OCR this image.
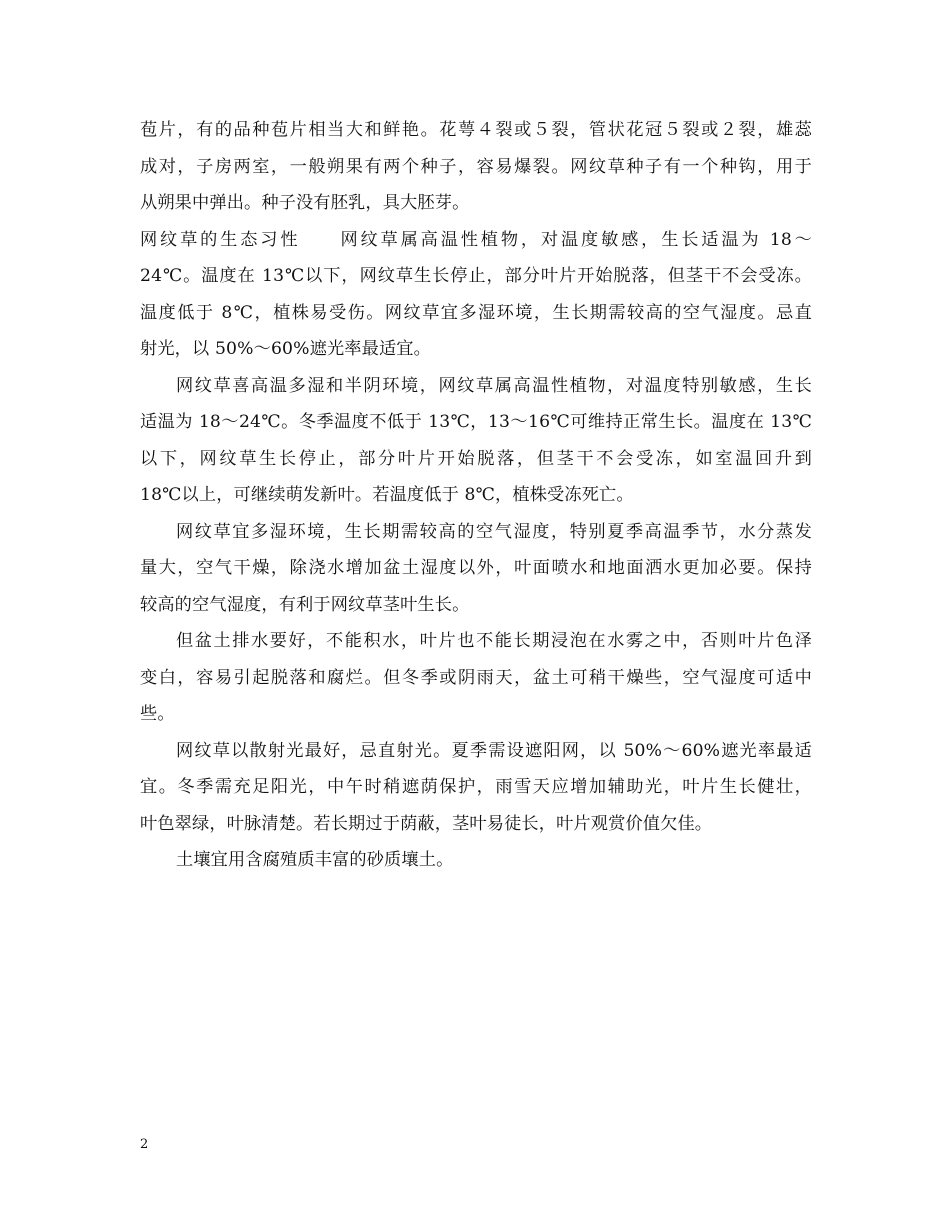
苞片，有的品种苞片相当大和鲜艳。花萼４裂或５裂，管状花冠５裂或２裂，雄蕊
成对，子房两室，一般朔果有两个种子，容易爆裂。网纹草种子有一个种钩，用于
从朔果中弹出。种子没有胚乳，具大胚芽。
网纹草的生态习性　　网纹草属高温性植物，对温度敏感，生长适温为 18～
24℃。温度在 13℃以下，网纹草生长停止，部分叶片开始脱落，但茎干不会受冻。
温度低于 8℃，植株易受伤。网纹草宜多湿环境，生长期需较高的空气湿度。忌直
射光，以 50%～60%遮光率最适宜。
网纹草喜高温多湿和半阴环境，网纹草属高温性植物，对温度特别敏感，生长
适温为 18～24℃。冬季温度不低于 13℃，13～16℃可维持正常生长。温度在 13℃
以下，网纹草生长停止，部分叶片开始脱落，但茎干不会受冻，如室温回升到
18℃以上，可继续萌发新叶。若温度低于 8℃，植株受冻死亡。
网纹草宜多湿环境，生长期需较高的空气湿度，特别夏季高温季节，水分蒸发
量大，空气干燥，除浇水增加盆土湿度以外，叶面喷水和地面洒水更加必要。保持
较高的空气湿度，有利于网纹草茎叶生长。
但盆土排水要好，不能积水，叶片也不能长期浸泡在水雾之中，否则叶片色泽
变白，容易引起脱落和腐烂。但冬季或阴雨天，盆土可稍干燥些，空气湿度可适中
些。
网纹草以散射光最好，忌直射光。夏季需设遮阳网，以 50%～60%遮光率最适
宜。冬季需充足阳光，中午时稍遮荫保护，雨雪天应增加辅助光，叶片生长健壮，
叶色翠绿，叶脉清楚。若长期过于荫蔽，茎叶易徒长，叶片观赏价值欠佳。
土壤宜用含腐殖质丰富的砂质壤土。
2
